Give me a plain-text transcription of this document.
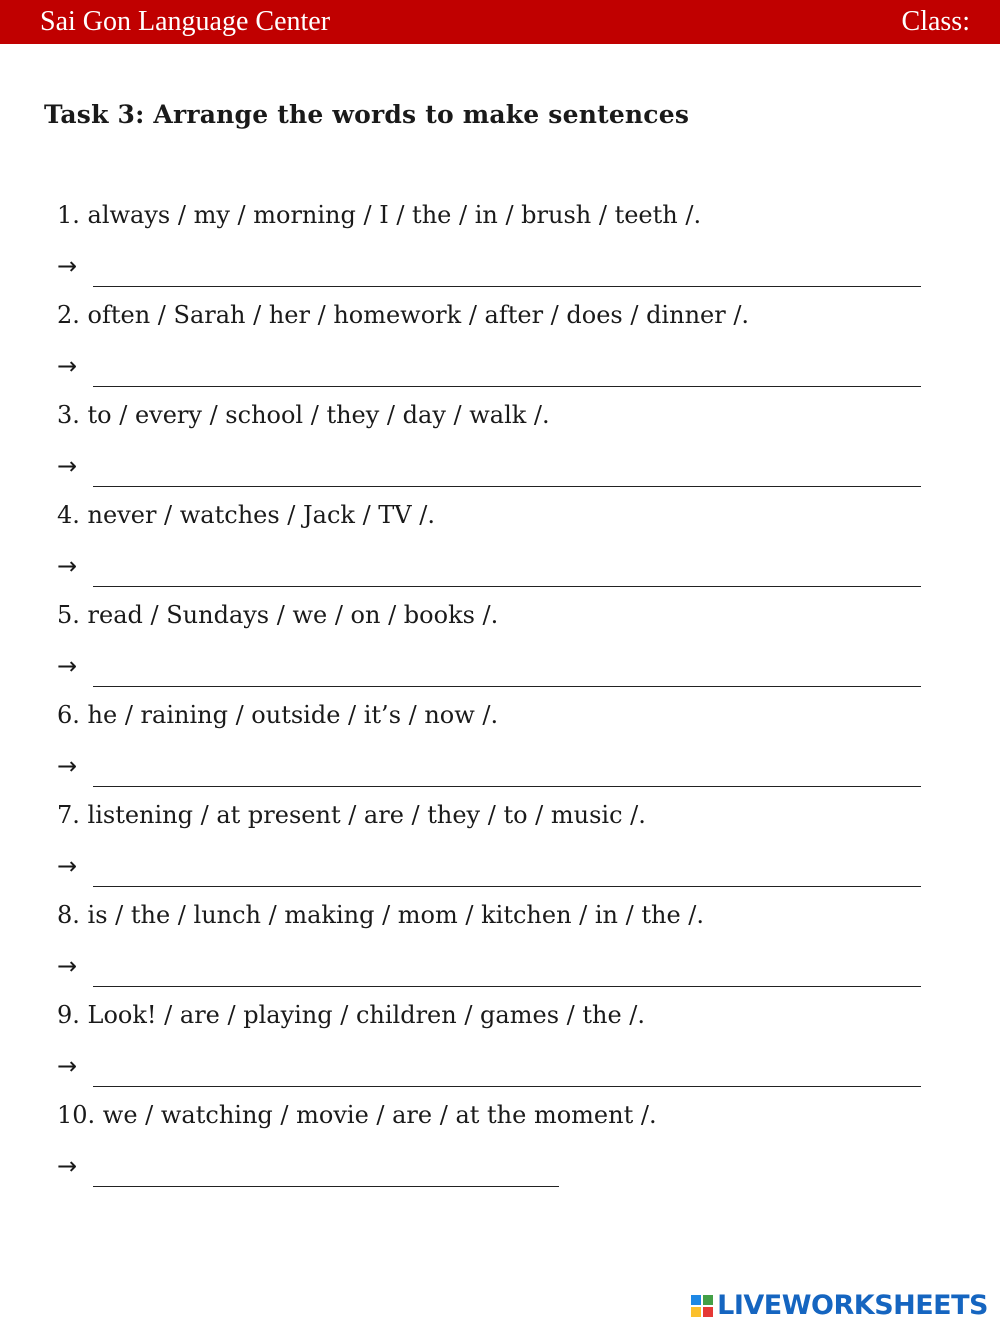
Sai Gon Language Center	Class:
Task 3: Arrange the words to make sentences
1. always / my / morning / I / the / in / brush / teeth /.
→
2. often / Sarah / her / homework / after / does / dinner /.
→
3. to / every / school / they / day / walk /.
→
4. never / watches / Jack / TV /.
→
5. read / Sundays / we / on / books /.
→
6. he / raining / outside / it’s / now /.
→
7. listening / at present / are / they / to / music /.
→
8. is / the / lunch / making / mom / kitchen / in / the /.
→
9. Look! / are / playing / children / games / the /.
→
10. we / watching / movie / are / at the moment /.
→
LIVEWORKSHEETS
